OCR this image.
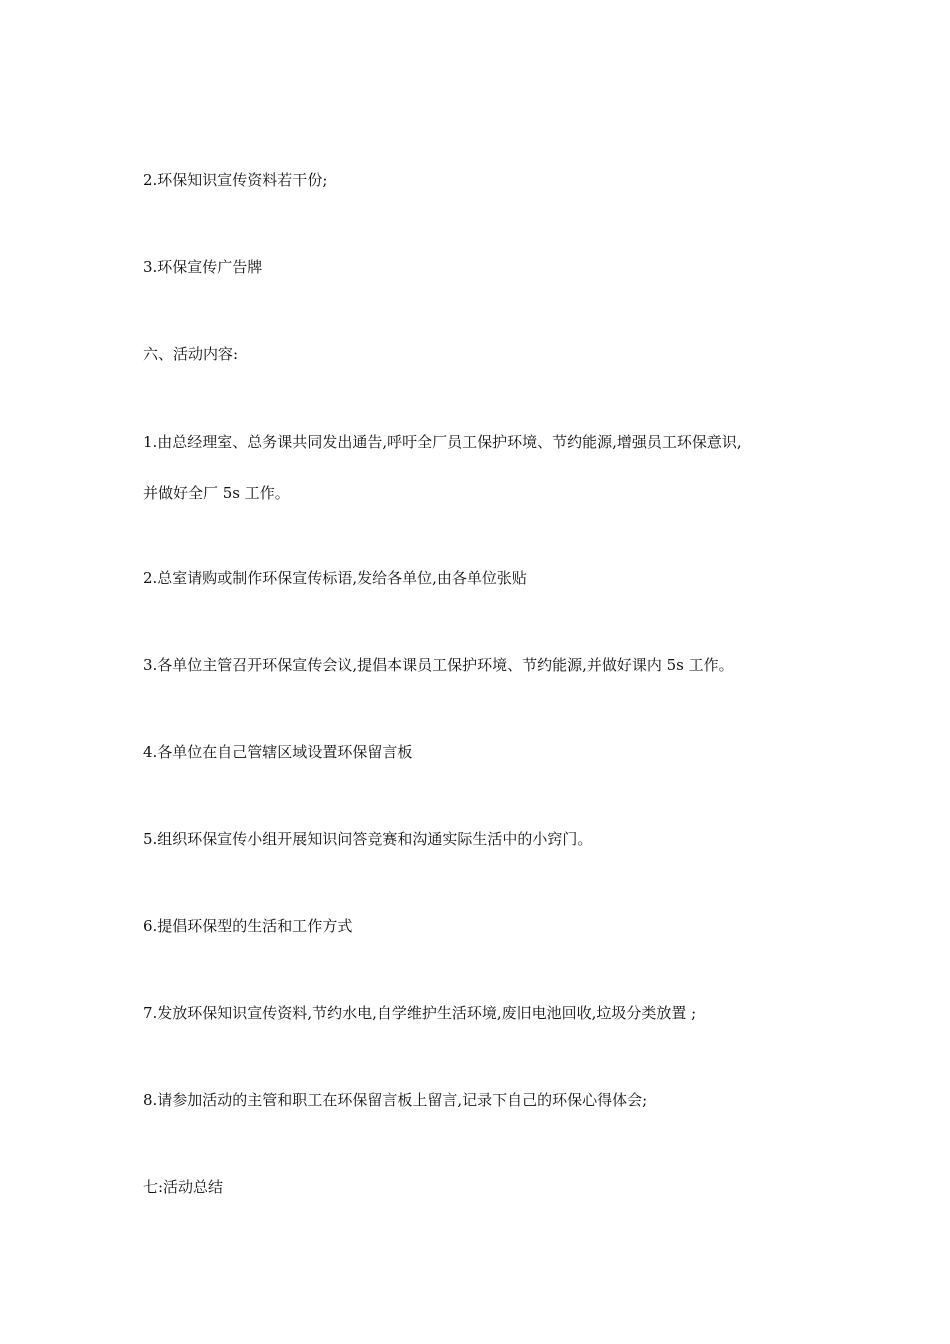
2.环保知识宣传资料若干份;
3.环保宣传广告牌
六、活动内容:
1.由总经理室、总务课共同发出通告,呼吁全厂员工保护环境、节约能源,增强员工环保意识,
并做好全厂 5s 工作。
2.总室请购或制作环保宣传标语,发给各单位,由各单位张贴
3.各单位主管召开环保宣传会议,提倡本课员工保护环境、节约能源,并做好课内 5s 工作。
4.各单位在自己管辖区域设置环保留言板
5.组织环保宣传小组开展知识问答竞赛和沟通实际生活中的小窍门。
6.提倡环保型的生活和工作方式
7.发放环保知识宣传资料,节约水电,自学维护生活环境,废旧电池回收,垃圾分类放置 ;
8.请参加活动的主管和职工在环保留言板上留言,记录下自己的环保心得体会;
七:活动总结
